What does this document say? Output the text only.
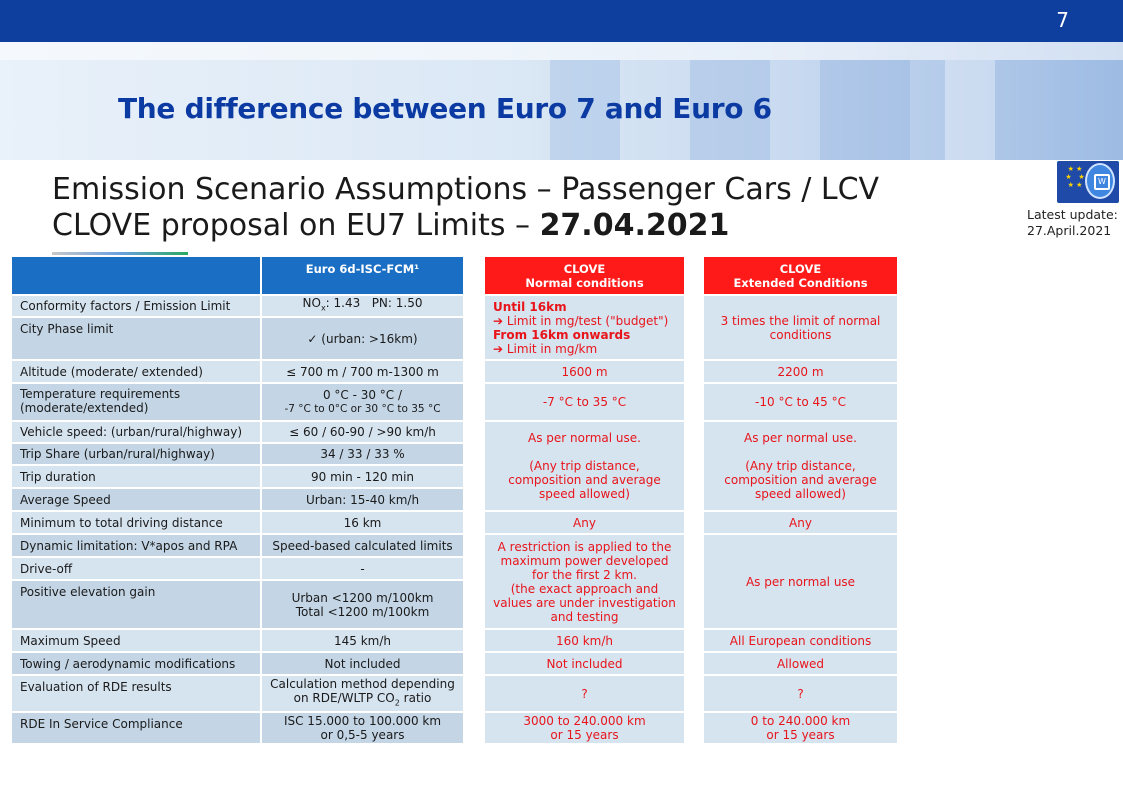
7
The difference between Euro 7 and Euro 6
Emission Scenario Assumptions – Passenger Cars / LCV
CLOVE proposal on EU7 Limits – 27.04.2021
★ ★
★   ★
★ ★	W
Latest update:
27.April.2021
Conformity factors / Emission Limit
City Phase limit
Altitude (moderate/ extended)
Temperature requirements (moderate/extended)
Vehicle speed: (urban/rural/highway)
Trip Share (urban/rural/highway)
Trip duration
Average Speed
Minimum to total driving distance
Dynamic limitation: V*apos and RPA
Drive-off
Positive elevation gain
Maximum Speed
Towing / aerodynamic modifications
Evaluation of RDE results
RDE In Service Compliance
Euro 6d-ISC-FCM¹
$NO_x$: 1.43   PN: 1.50
✓ (urban: >16km)
≤ 700 m / 700 m-1300 m
0 °C - 30 °C /
-7 °C to 0°C or 30 °C to 35 °C
≤ 60 / 60-90 / >90 km/h
34 / 33 / 33 %
90 min - 120 min
Urban: 15-40 km/h
16 km
Speed-based calculated limits
-
Urban <1200 m/100km
Total <1200 m/100km
145 km/h
Not included
Calculation method depending
on RDE/WLTP $CO_2$ ratio
ISC 15.000 to 100.000 km
or 0,5-5 years
CLOVE
Normal conditions
Until 16km
➔ Limit in mg/test ("budget")
From 16km onwards
➔ Limit in mg/km
1600 m
-7 °C to 35 °C
As per normal use.
(Any trip distance,
composition and average
speed allowed)
Any
A restriction is applied to the
maximum power developed
for the first 2 km.
(the exact approach and
values are under investigation
and testing
160 km/h
Not included
?
3000 to 240.000 km
or 15 years
CLOVE
Extended Conditions
3 times the limit of normal
conditions
2200 m
-10 °C to 45 °C
As per normal use.
(Any trip distance,
composition and average
speed allowed)
Any
As per normal use
All European conditions
Allowed
?
0 to 240.000 km
or 15 years
